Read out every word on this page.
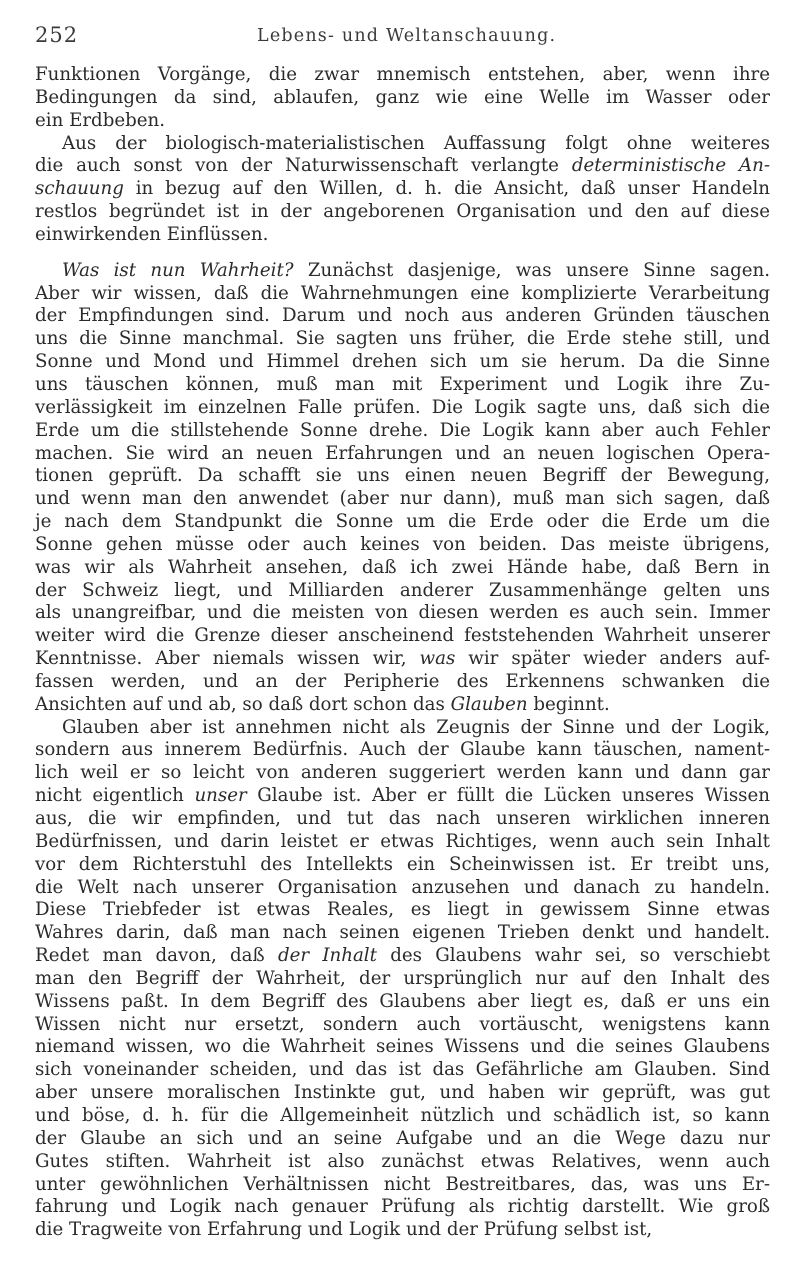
252	Lebens- und Weltanschauung.
Funktionen Vorgänge, die zwar mnemisch entstehen, aber, wenn ihre
Bedingungen da sind, ablaufen, ganz wie eine Welle im Wasser oder
ein Erdbeben.
Aus der biologisch-materialistischen Auffassung folgt ohne weiteres
die auch sonst von der Naturwissenschaft verlangte deterministische An-
schauung in bezug auf den Willen, d. h. die Ansicht, daß unser Handeln
restlos begründet ist in der angeborenen Organisation und den auf diese
einwirkenden Einflüssen.
Was ist nun Wahrheit? Zunächst dasjenige, was unsere Sinne sagen.
Aber wir wissen, daß die Wahrnehmungen eine komplizierte Verarbeitung
der Empfindungen sind. Darum und noch aus anderen Gründen täuschen
uns die Sinne manchmal. Sie sagten uns früher, die Erde stehe still, und
Sonne und Mond und Himmel drehen sich um sie herum. Da die Sinne
uns täuschen können, muß man mit Experiment und Logik ihre Zu-
verlässigkeit im einzelnen Falle prüfen. Die Logik sagte uns, daß sich die
Erde um die stillstehende Sonne drehe. Die Logik kann aber auch Fehler
machen. Sie wird an neuen Erfahrungen und an neuen logischen Opera-
tionen geprüft. Da schafft sie uns einen neuen Begriff der Bewegung,
und wenn man den anwendet (aber nur dann), muß man sich sagen, daß
je nach dem Standpunkt die Sonne um die Erde oder die Erde um die
Sonne gehen müsse oder auch keines von beiden. Das meiste übrigens,
was wir als Wahrheit ansehen, daß ich zwei Hände habe, daß Bern in
der Schweiz liegt, und Milliarden anderer Zusammenhänge gelten uns
als unangreifbar, und die meisten von diesen werden es auch sein. Immer
weiter wird die Grenze dieser anscheinend feststehenden Wahrheit unserer
Kenntnisse. Aber niemals wissen wir, was wir später wieder anders auf-
fassen werden, und an der Peripherie des Erkennens schwanken die
Ansichten auf und ab, so daß dort schon das Glauben beginnt.
Glauben aber ist annehmen nicht als Zeugnis der Sinne und der Logik,
sondern aus innerem Bedürfnis. Auch der Glaube kann täuschen, nament-
lich weil er so leicht von anderen suggeriert werden kann und dann gar
nicht eigentlich unser Glaube ist. Aber er füllt die Lücken unseres Wissen
aus, die wir empfinden, und tut das nach unseren wirklichen inneren
Bedürfnissen, und darin leistet er etwas Richtiges, wenn auch sein Inhalt
vor dem Richterstuhl des Intellekts ein Scheinwissen ist. Er treibt uns,
die Welt nach unserer Organisation anzusehen und danach zu handeln.
Diese Triebfeder ist etwas Reales, es liegt in gewissem Sinne etwas
Wahres darin, daß man nach seinen eigenen Trieben denkt und handelt.
Redet man davon, daß der Inhalt des Glaubens wahr sei, so verschiebt
man den Begriff der Wahrheit, der ursprünglich nur auf den Inhalt des
Wissens paßt. In dem Begriff des Glaubens aber liegt es, daß er uns ein
Wissen nicht nur ersetzt, sondern auch vortäuscht, wenigstens kann
niemand wissen, wo die Wahrheit seines Wissens und die seines Glaubens
sich voneinander scheiden, und das ist das Gefährliche am Glauben. Sind
aber unsere moralischen Instinkte gut, und haben wir geprüft, was gut
und böse, d. h. für die Allgemeinheit nützlich und schädlich ist, so kann
der Glaube an sich und an seine Aufgabe und an die Wege dazu nur
Gutes stiften. Wahrheit ist also zunächst etwas Relatives, wenn auch
unter gewöhnlichen Verhältnissen nicht Bestreitbares, das, was uns Er-
fahrung und Logik nach genauer Prüfung als richtig darstellt. Wie groß
die Tragweite von Erfahrung und Logik und der Prüfung selbst ist,
